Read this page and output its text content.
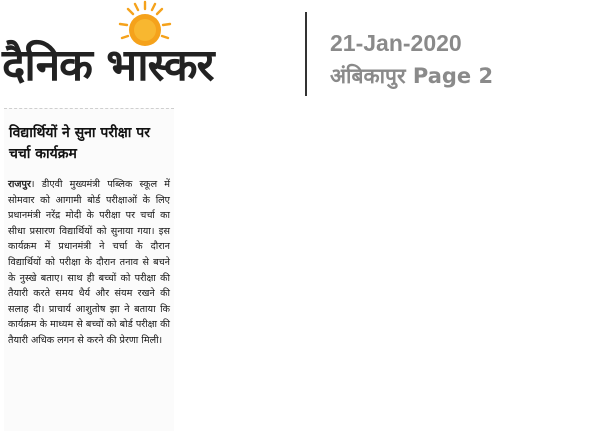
दैनिक भास्कर	21-Jan-2020
अंबिकापुर Page 2
विद्यार्थियों ने सुना परीक्षा पर चर्चा कार्यक्रम
राजपुर। डीएवी मुख्यमंत्री पब्लिक स्कूल में सोमवार को आगामी बोर्ड परीक्षाओं के लिए प्रधानमंत्री नरेंद्र मोदी के परीक्षा पर चर्चा का सीधा प्रसारण विद्यार्थियों को सुनाया गया। इस कार्यक्रम में प्रधानमंत्री ने चर्चा के दौरान विद्यार्थियों को परीक्षा के दौरान तनाव से बचने के नुस्खे बताए। साथ ही बच्चों को परीक्षा की तैयारी करते समय धैर्य और संयम रखने की सलाह दी। प्राचार्य आशुतोष झा ने बताया कि कार्यक्रम के माध्यम से बच्चों को बोर्ड परीक्षा की तैयारी अधिक लगन से करने की प्रेरणा मिली।
